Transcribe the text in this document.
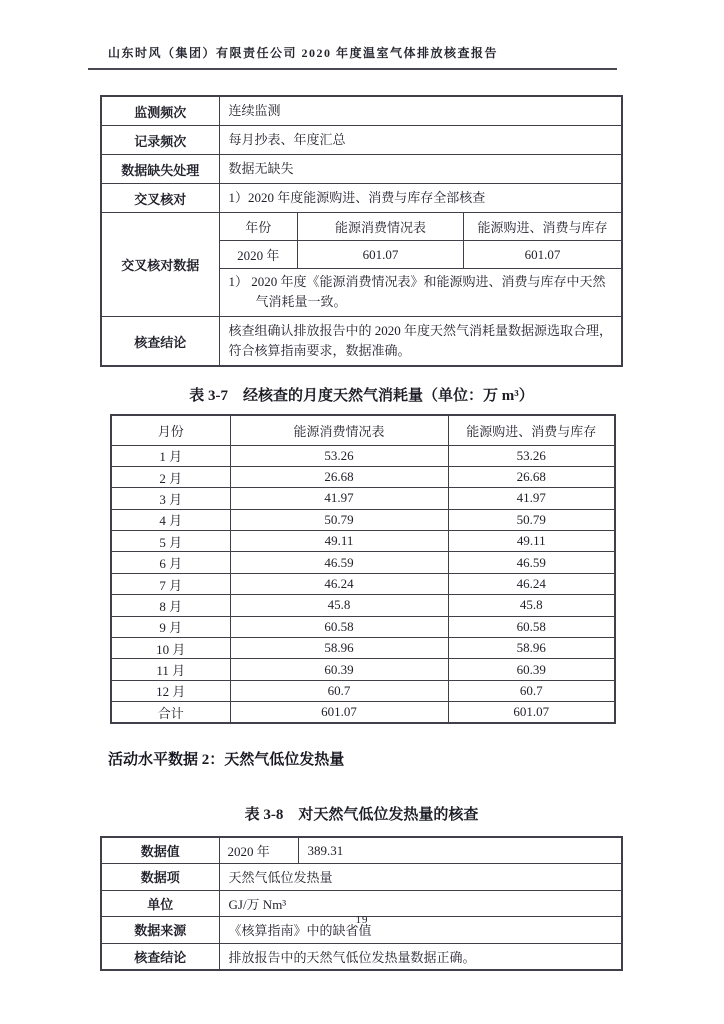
山东时风（集团）有限责任公司 2020 年度温室气体排放核查报告
监测频次	连续监测
记录频次	每月抄表、年度汇总
数据缺失处理	数据无缺失
交叉核对	1）2020 年度能源购进、消费与库存全部核查
交叉核对数据	
年份	能源消费情况表	能源购进、消费与库存
2020 年	601.07	601.07
1） 2020 年度《能源消费情况表》和能源购进、消费与库存中天然气消耗量一致。

核查结论	核查组确认排放报告中的 2020 年度天然气消耗量数据源选取合理，符合核算指南要求，数据准确。
表 3-7　经核查的月度天然气消耗量（单位：万 m³）
月份	能源消费情况表	能源购进、消费与库存
1 月	53.26	53.26
2 月	26.68	26.68
3 月	41.97	41.97
4 月	50.79	50.79
5 月	49.11	49.11
6 月	46.59	46.59
7 月	46.24	46.24
8 月	45.8	45.8
9 月	60.58	60.58
10 月	58.96	58.96
11 月	60.39	60.39
12 月	60.7	60.7
合计	601.07	601.07
活动水平数据 2：天然气低位发热量
表 3-8　对天然气低位发热量的核查
数据值	2020 年	389.31
数据项	天然气低位发热量	
单位	GJ/万 Nm³	
数据来源	《核算指南》中的缺省值	
核查结论	排放报告中的天然气低位发热量数据正确。	
19
